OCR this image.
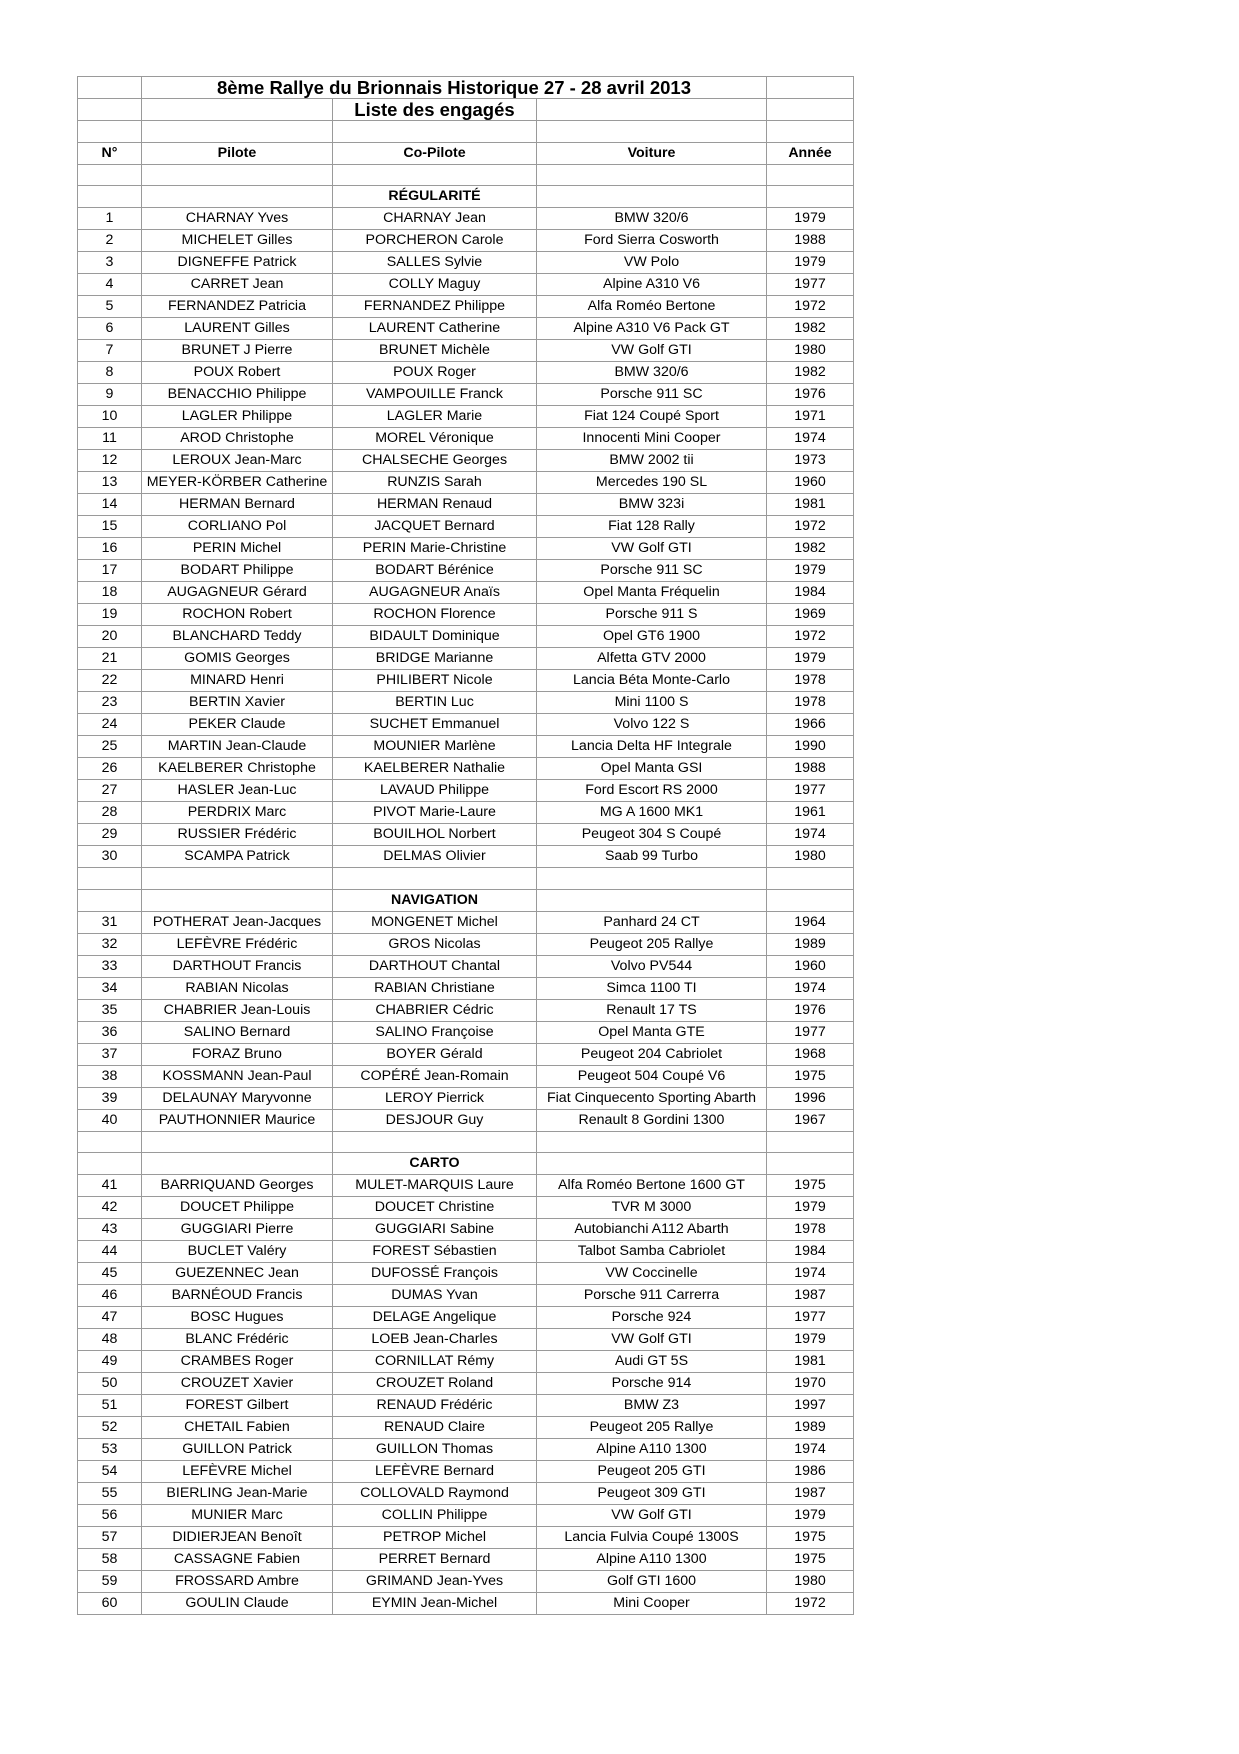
	8ème Rallye du Brionnais Historique 27 - 28 avril 2013			
		Liste des engagés		

N°	Pilote	Co-Pilote	Voiture	Année

		RÉGULARITÉ		
1	CHARNAY Yves	CHARNAY Jean	BMW 320/6	1979
2	MICHELET Gilles	PORCHERON Carole	Ford Sierra Cosworth	1988
3	DIGNEFFE Patrick	SALLES Sylvie	VW Polo	1979
4	CARRET Jean	COLLY Maguy	Alpine A310 V6	1977
5	FERNANDEZ Patricia	FERNANDEZ Philippe	Alfa Roméo Bertone	1972
6	LAURENT Gilles	LAURENT Catherine	Alpine A310 V6 Pack GT	1982
7	BRUNET J Pierre	BRUNET Michèle	VW Golf GTI	1980
8	POUX Robert	POUX Roger	BMW 320/6	1982
9	BENACCHIO Philippe	VAMPOUILLE Franck	Porsche 911 SC	1976
10	LAGLER Philippe	LAGLER Marie	Fiat 124 Coupé Sport	1971
11	AROD Christophe	MOREL Véronique	Innocenti Mini Cooper	1974
12	LEROUX Jean-Marc	CHALSECHE Georges	BMW 2002 tii	1973
13	MEYER-KÖRBER Catherine	RUNZIS Sarah	Mercedes 190 SL	1960
14	HERMAN Bernard	HERMAN Renaud	BMW 323i	1981
15	CORLIANO Pol	JACQUET Bernard	Fiat 128 Rally	1972
16	PERIN Michel	PERIN Marie-Christine	VW Golf GTI	1982
17	BODART Philippe	BODART Bérénice	Porsche 911 SC	1979
18	AUGAGNEUR Gérard	AUGAGNEUR Anaïs	Opel Manta Fréquelin	1984
19	ROCHON Robert	ROCHON Florence	Porsche 911 S	1969
20	BLANCHARD Teddy	BIDAULT Dominique	Opel GT6 1900	1972
21	GOMIS Georges	BRIDGE Marianne	Alfetta GTV 2000	1979
22	MINARD Henri	PHILIBERT Nicole	Lancia Béta Monte-Carlo	1978
23	BERTIN Xavier	BERTIN Luc	Mini 1100 S	1978
24	PEKER Claude	SUCHET Emmanuel	Volvo 122 S	1966
25	MARTIN Jean-Claude	MOUNIER Marlène	Lancia Delta HF Integrale	1990
26	KAELBERER Christophe	KAELBERER Nathalie	Opel Manta GSI	1988
27	HASLER Jean-Luc	LAVAUD Philippe	Ford Escort RS 2000	1977
28	PERDRIX Marc	PIVOT Marie-Laure	MG A 1600 MK1	1961
29	RUSSIER Frédéric	BOUILHOL Norbert	Peugeot 304 S Coupé	1974
30	SCAMPA Patrick	DELMAS Olivier	Saab 99 Turbo	1980

		NAVIGATION		
31	POTHERAT Jean-Jacques	MONGENET Michel	Panhard 24 CT	1964
32	LEFÈVRE Frédéric	GROS Nicolas	Peugeot 205 Rallye	1989
33	DARTHOUT Francis	DARTHOUT Chantal	Volvo PV544	1960
34	RABIAN Nicolas	RABIAN Christiane	Simca 1100 TI	1974
35	CHABRIER Jean-Louis	CHABRIER Cédric	Renault 17 TS	1976
36	SALINO Bernard	SALINO Françoise	Opel Manta GTE	1977
37	FORAZ Bruno	BOYER Gérald	Peugeot 204 Cabriolet	1968
38	KOSSMANN Jean-Paul	COPÉRÉ Jean-Romain	Peugeot 504 Coupé V6	1975
39	DELAUNAY Maryvonne	LEROY Pierrick	Fiat Cinquecento Sporting Abarth	1996
40	PAUTHONNIER Maurice	DESJOUR Guy	Renault 8 Gordini 1300	1967

		CARTO		
41	BARRIQUAND Georges	MULET-MARQUIS Laure	Alfa Roméo Bertone 1600 GT	1975
42	DOUCET Philippe	DOUCET Christine	TVR M 3000	1979
43	GUGGIARI Pierre	GUGGIARI Sabine	Autobianchi A112 Abarth	1978
44	BUCLET Valéry	FOREST Sébastien	Talbot Samba Cabriolet	1984
45	GUEZENNEC Jean	DUFOSSÉ François	VW Coccinelle	1974
46	BARNÉOUD Francis	DUMAS Yvan	Porsche 911 Carrerra	1987
47	BOSC Hugues	DELAGE Angelique	Porsche 924	1977
48	BLANC Frédéric	LOEB Jean-Charles	VW Golf GTI	1979
49	CRAMBES Roger	CORNILLAT Rémy	Audi GT 5S	1981
50	CROUZET Xavier	CROUZET Roland	Porsche 914	1970
51	FOREST Gilbert	RENAUD Frédéric	BMW Z3	1997
52	CHETAIL Fabien	RENAUD Claire	Peugeot 205 Rallye	1989
53	GUILLON Patrick	GUILLON Thomas	Alpine A110 1300	1974
54	LEFÈVRE Michel	LEFÈVRE Bernard	Peugeot 205 GTI	1986
55	BIERLING Jean-Marie	COLLOVALD Raymond	Peugeot 309 GTI	1987
56	MUNIER Marc	COLLIN Philippe	VW Golf GTI	1979
57	DIDIERJEAN Benoît	PETROP Michel	Lancia Fulvia Coupé 1300S	1975
58	CASSAGNE Fabien	PERRET Bernard	Alpine A110 1300	1975
59	FROSSARD Ambre	GRIMAND Jean-Yves	Golf GTI 1600	1980
60	GOULIN Claude	EYMIN Jean-Michel	Mini Cooper	1972
